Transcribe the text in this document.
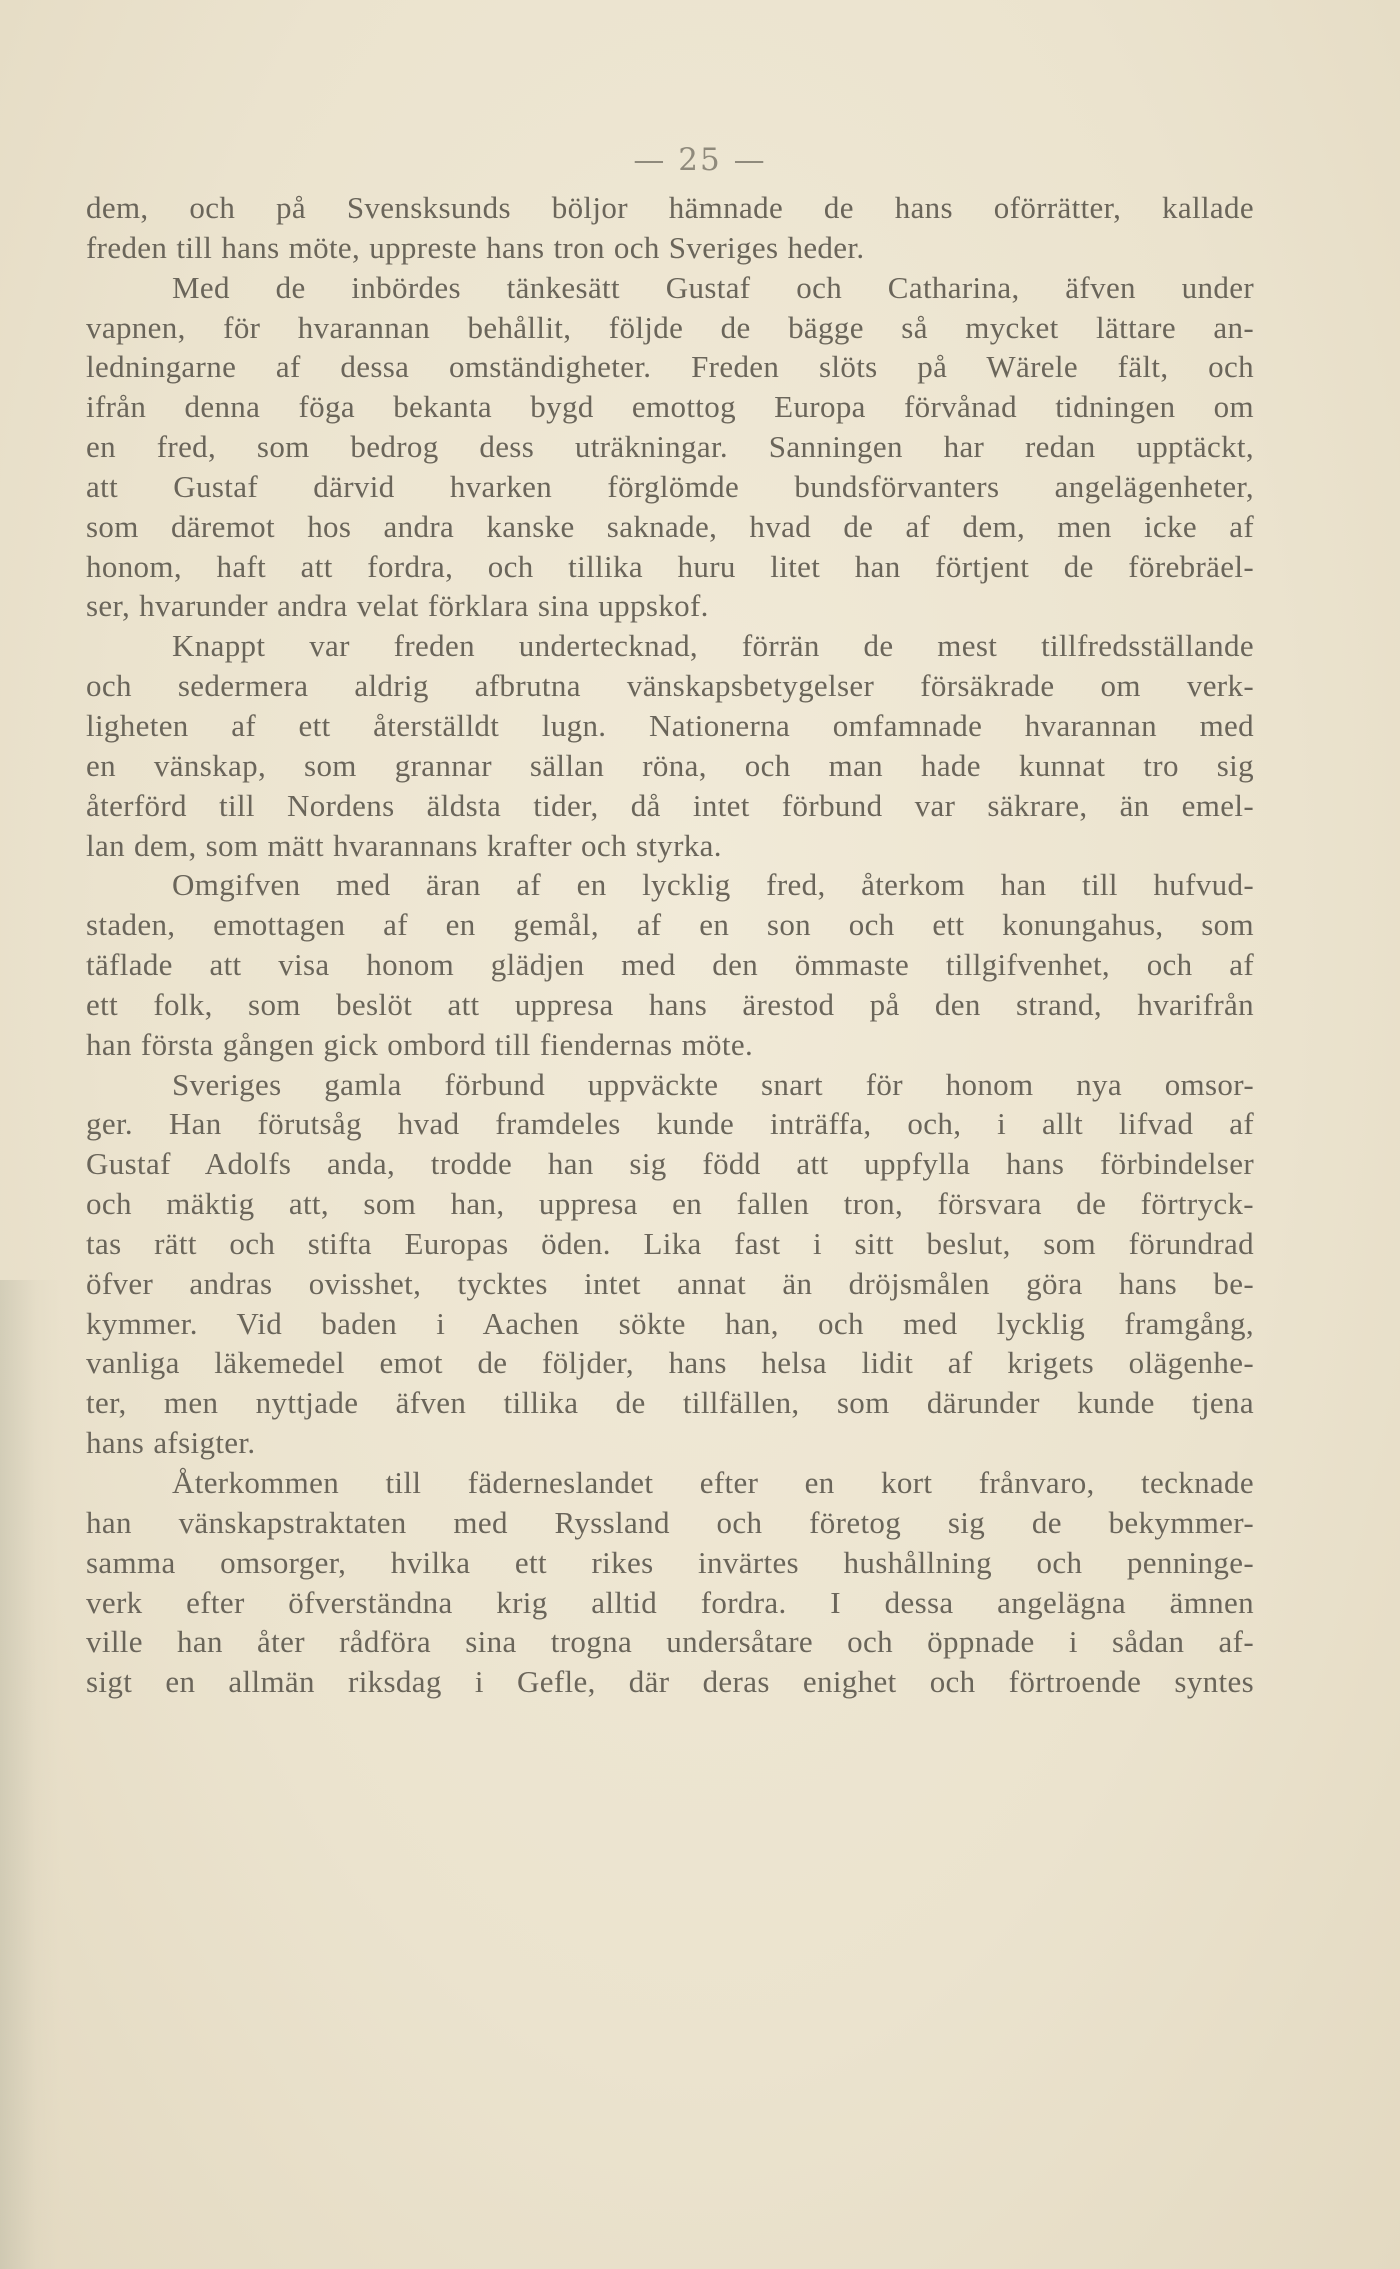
— 25 —
dem, och på Svensksunds böljor hämnade de hans oförrätter, kallade
freden till hans möte, uppreste hans tron och Sveriges heder.
Med de inbördes tänkesätt Gustaf och Catharina, äfven under
vapnen, för hvarannan behållit, följde de bägge så mycket lättare an-
ledningarne af dessa omständigheter. Freden slöts på Wärele fält, och
ifrån denna föga bekanta bygd emottog Europa förvånad tidningen om
en fred, som bedrog dess uträkningar. Sanningen har redan upptäckt,
att Gustaf därvid hvarken förglömde bundsförvanters angelägenheter,
som däremot hos andra kanske saknade, hvad de af dem, men icke af
honom, haft att fordra, och tillika huru litet han förtjent de förebräel-
ser, hvarunder andra velat förklara sina uppskof.
Knappt var freden undertecknad, förrän de mest tillfredsställande
och sedermera aldrig afbrutna vänskapsbetygelser försäkrade om verk-
ligheten af ett återställdt lugn. Nationerna omfamnade hvarannan med
en vänskap, som grannar sällan röna, och man hade kunnat tro sig
återförd till Nordens äldsta tider, då intet förbund var säkrare, än emel-
lan dem, som mätt hvarannans krafter och styrka.
Omgifven med äran af en lycklig fred, återkom han till hufvud-
staden, emottagen af en gemål, af en son och ett konungahus, som
täflade att visa honom glädjen med den ömmaste tillgifvenhet, och af
ett folk, som beslöt att uppresa hans ärestod på den strand, hvarifrån
han första gången gick ombord till fiendernas möte.
Sveriges gamla förbund uppväckte snart för honom nya omsor-
ger. Han förutsåg hvad framdeles kunde inträffa, och, i allt lifvad af
Gustaf Adolfs anda, trodde han sig född att uppfylla hans förbindelser
och mäktig att, som han, uppresa en fallen tron, försvara de förtryck-
tas rätt och stifta Europas öden. Lika fast i sitt beslut, som förundrad
öfver andras ovisshet, tycktes intet annat än dröjsmålen göra hans be-
kymmer. Vid baden i Aachen sökte han, och med lycklig framgång,
vanliga läkemedel emot de följder, hans helsa lidit af krigets olägenhe-
ter, men nyttjade äfven tillika de tillfällen, som därunder kunde tjena
hans afsigter.
Återkommen till fäderneslandet efter en kort frånvaro, tecknade
han vänskapstraktaten med Ryssland och företog sig de bekymmer-
samma omsorger, hvilka ett rikes invärtes hushållning och penninge-
verk efter öfverständna krig alltid fordra. I dessa angelägna ämnen
ville han åter rådföra sina trogna undersåtare och öppnade i sådan af-
sigt en allmän riksdag i Gefle, där deras enighet och förtroende syntes
